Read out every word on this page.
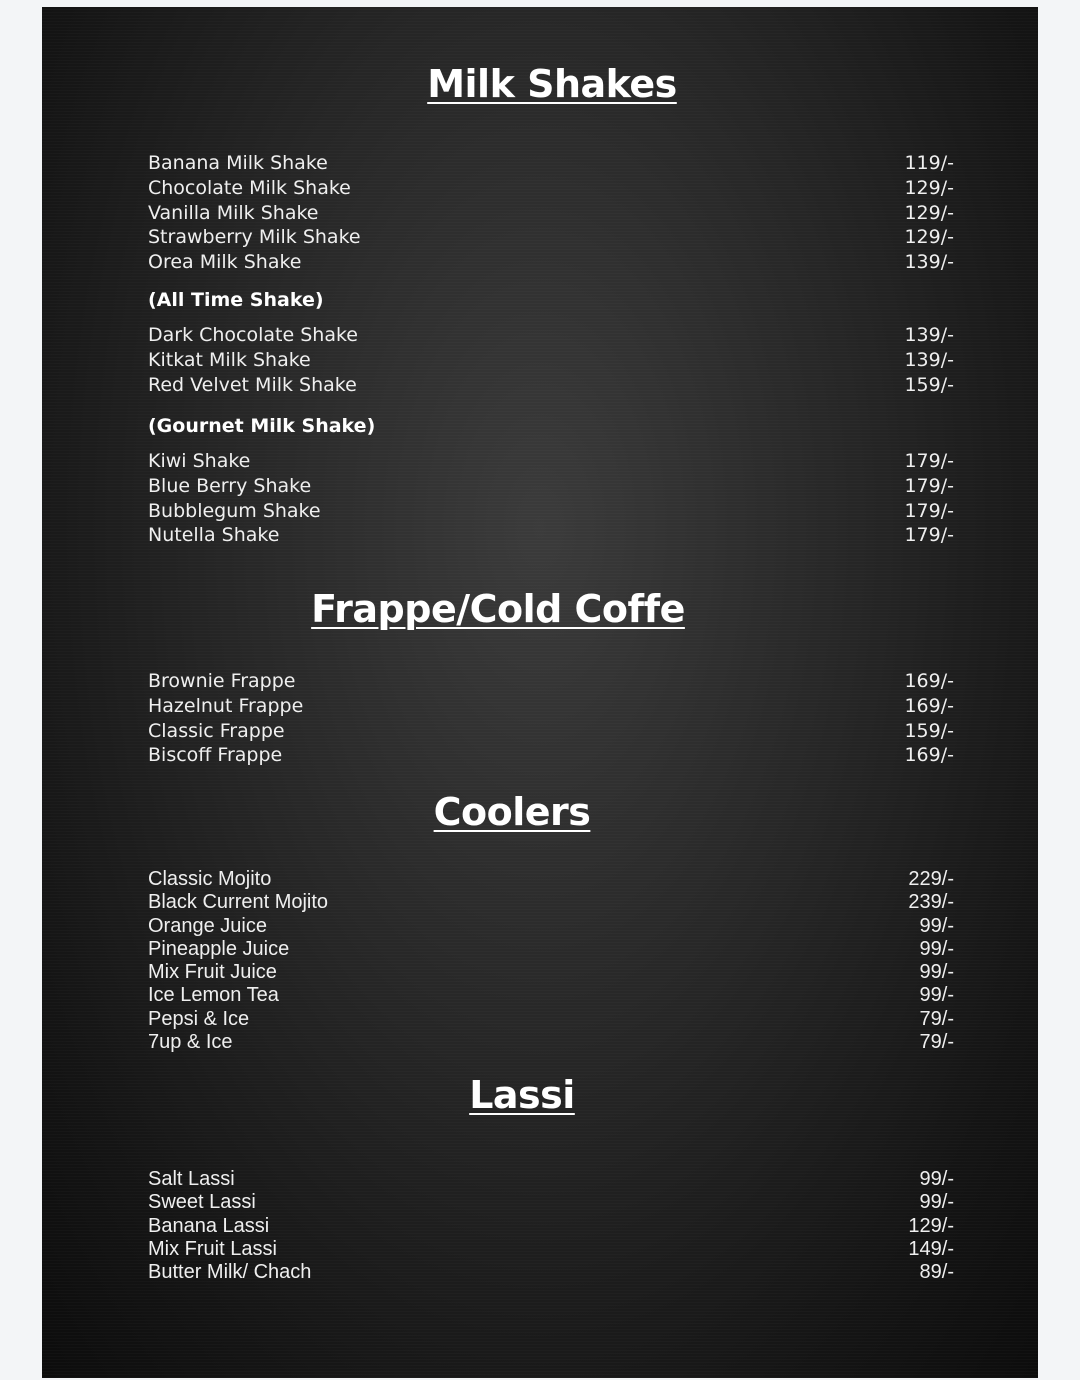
Milk Shakes
Banana Milk Shake	119/-
Chocolate Milk Shake	129/-
Vanilla Milk Shake	129/-
Strawberry Milk Shake	129/-
Orea Milk Shake	139/-
(All Time Shake)
Dark Chocolate Shake	139/-
Kitkat Milk Shake	139/-
Red Velvet Milk Shake	159/-
(Gournet Milk Shake)
Kiwi Shake	179/-
Blue Berry Shake	179/-
Bubblegum Shake	179/-
Nutella Shake	179/-
Frappe/Cold Coffe
Brownie Frappe	169/-
Hazelnut Frappe	169/-
Classic Frappe	159/-
Biscoff Frappe	169/-
Coolers
Classic Mojito	229/-
Black Current Mojito	239/-
Orange Juice	99/-
Pineapple Juice	99/-
Mix Fruit Juice	99/-
Ice Lemon Tea	99/-
Pepsi & Ice	79/-
7up & Ice	79/-
Lassi
Salt Lassi	99/-
Sweet Lassi	99/-
Banana Lassi	129/-
Mix Fruit Lassi	149/-
Butter Milk/ Chach	89/-
